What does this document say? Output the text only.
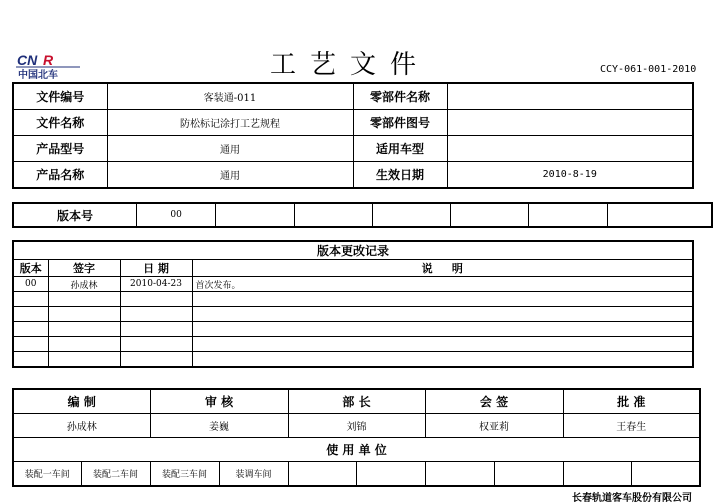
CN R
中国北车	工艺文件	CCY-061-001-2010
文件编号	客装通-011	零部件名称	
文件名称	防松标记涂打工艺规程	零部件图号	
产品型号	通用	适用车型	
产品名称	通用	生效日期	2010-8-19
版本号	00						
版本更改记录			
版本	签字	日 期	说     明
00	孙成林	2010-04-23	首次发布。

编 制		审 核		部 长		会 签		批 准	
孙成林		姜巍		刘锦		权亚莉		王春生	
使 用 单 位									
装配一车间	装配二车间	装配三车间	装调车间						
长春轨道客车股份有限公司
